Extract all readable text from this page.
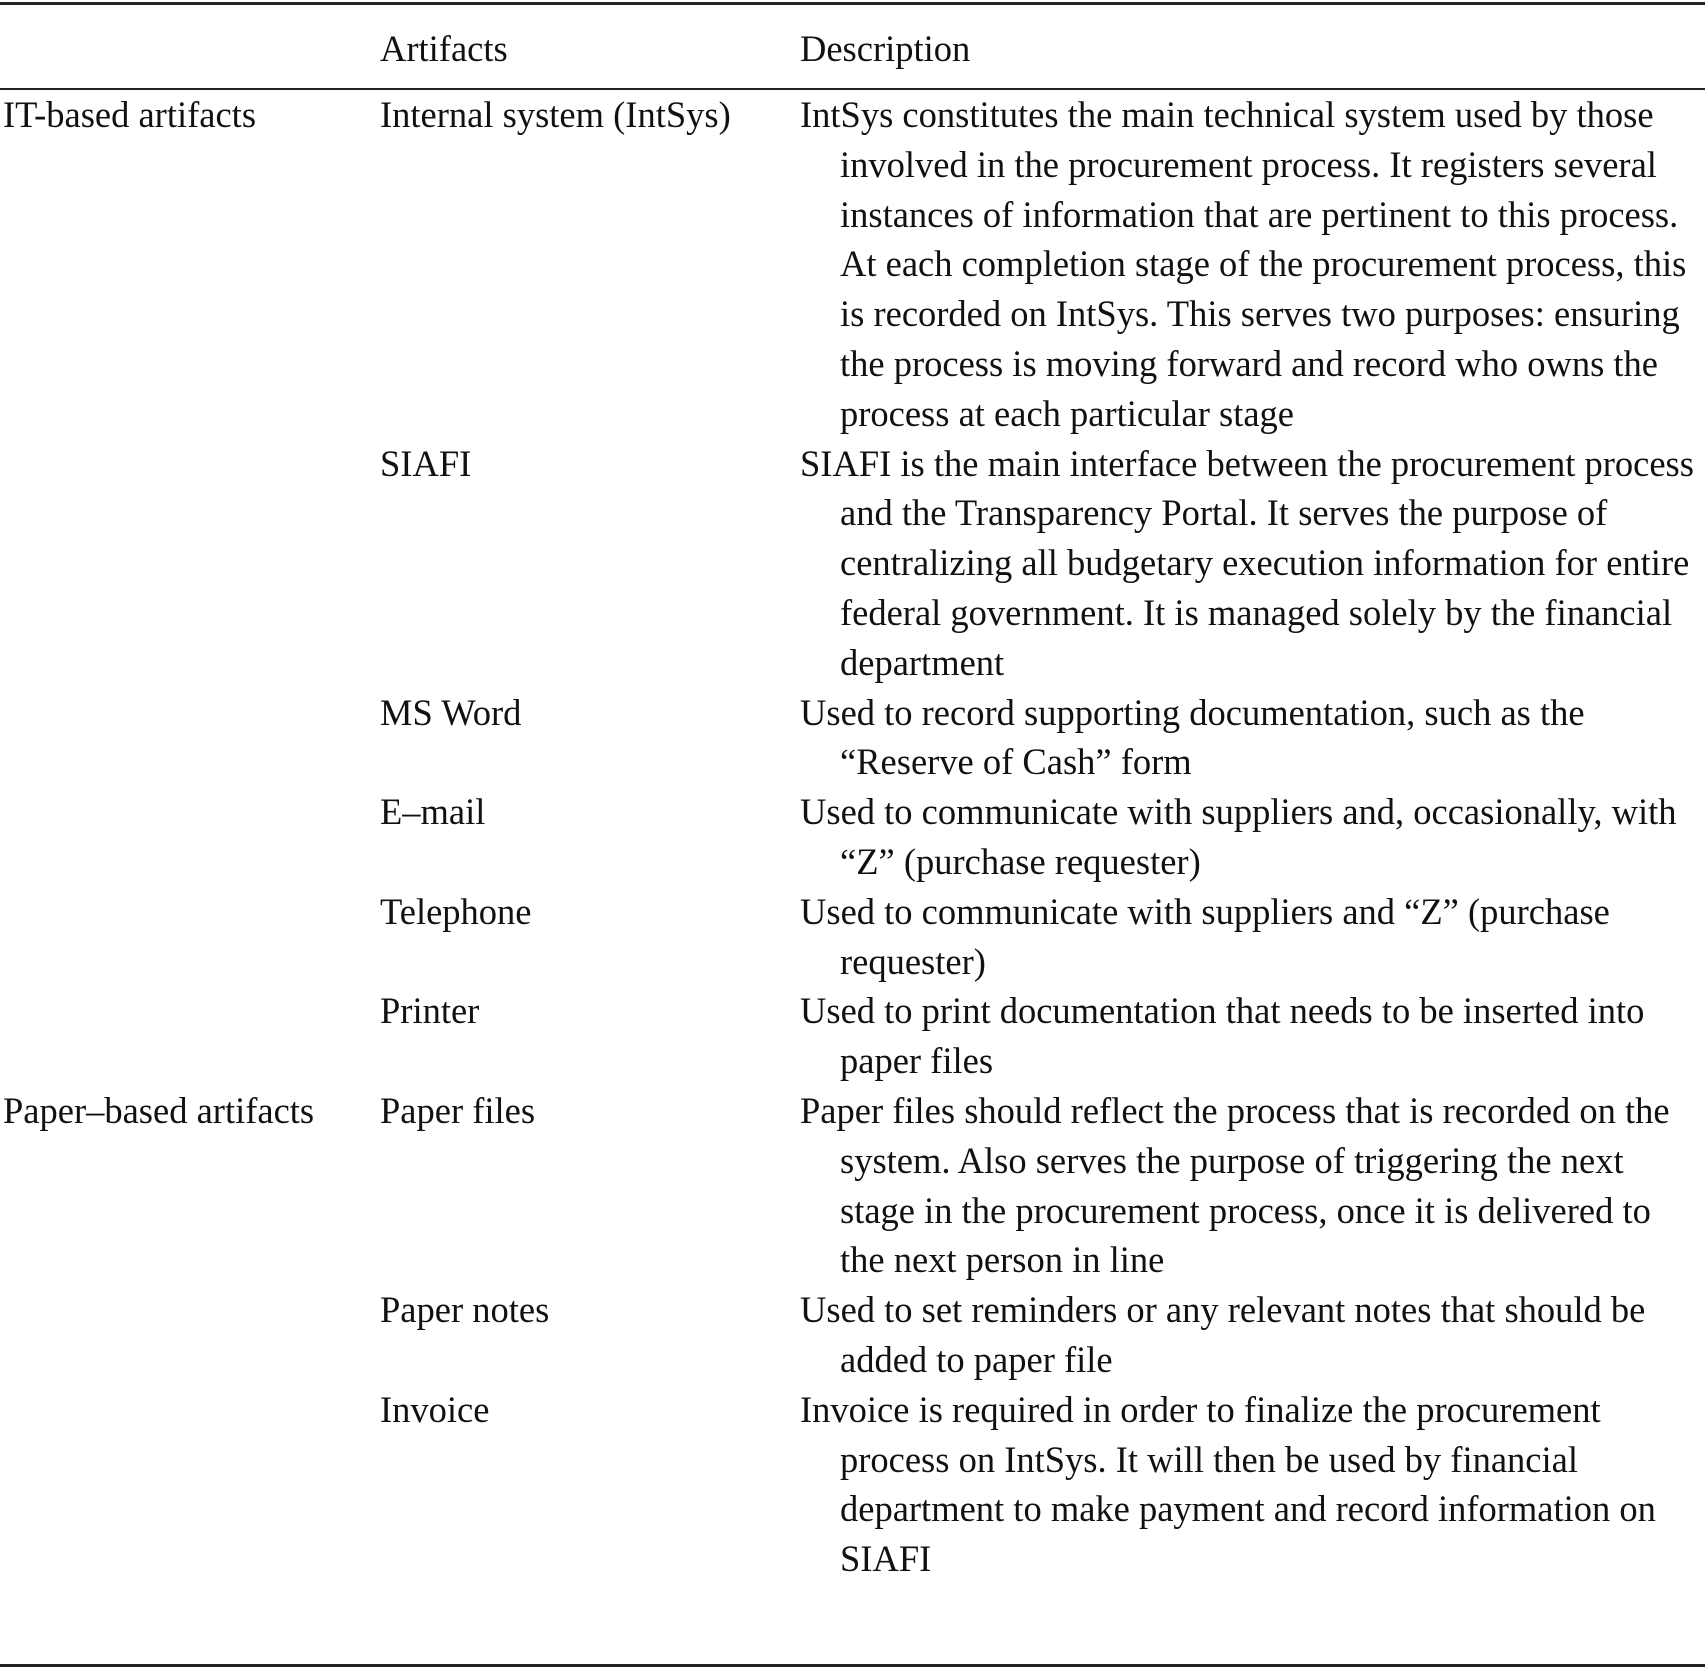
	Artifacts	Description
IT-based artifacts	Internal system (IntSys)	IntSys constitutes the main technical system used by those involved in the procurement process. It registers several instances of information that are pertinent to this process. At each completion stage of the procurement process, this is recorded on IntSys. This serves two purposes: ensuring the process is moving forward and record who owns the process at each particular stage
	SIAFI	SIAFI is the main interface between the procurement process and the Transparency Portal. It serves the purpose of centralizing all budgetary execution information for entire federal government. It is managed solely by the financial department
	MS Word	Used to record supporting documentation, such as the “Reserve of Cash” form
	E–mail	Used to communicate with suppliers and, occasionally, with “Z” (purchase requester)
	Telephone	Used to communicate with suppliers and “Z” (purchase requester)
	Printer	Used to print documentation that needs to be inserted into paper files
Paper–based artifacts	Paper files	Paper files should reflect the process that is recorded on the system. Also serves the purpose of triggering the next stage in the procurement process, once it is delivered to the next person in line
	Paper notes	Used to set reminders or any relevant notes that should be added to paper file
	Invoice	Invoice is required in order to finalize the procurement process on IntSys. It will then be used by financial department to make payment and record information on SIAFI
